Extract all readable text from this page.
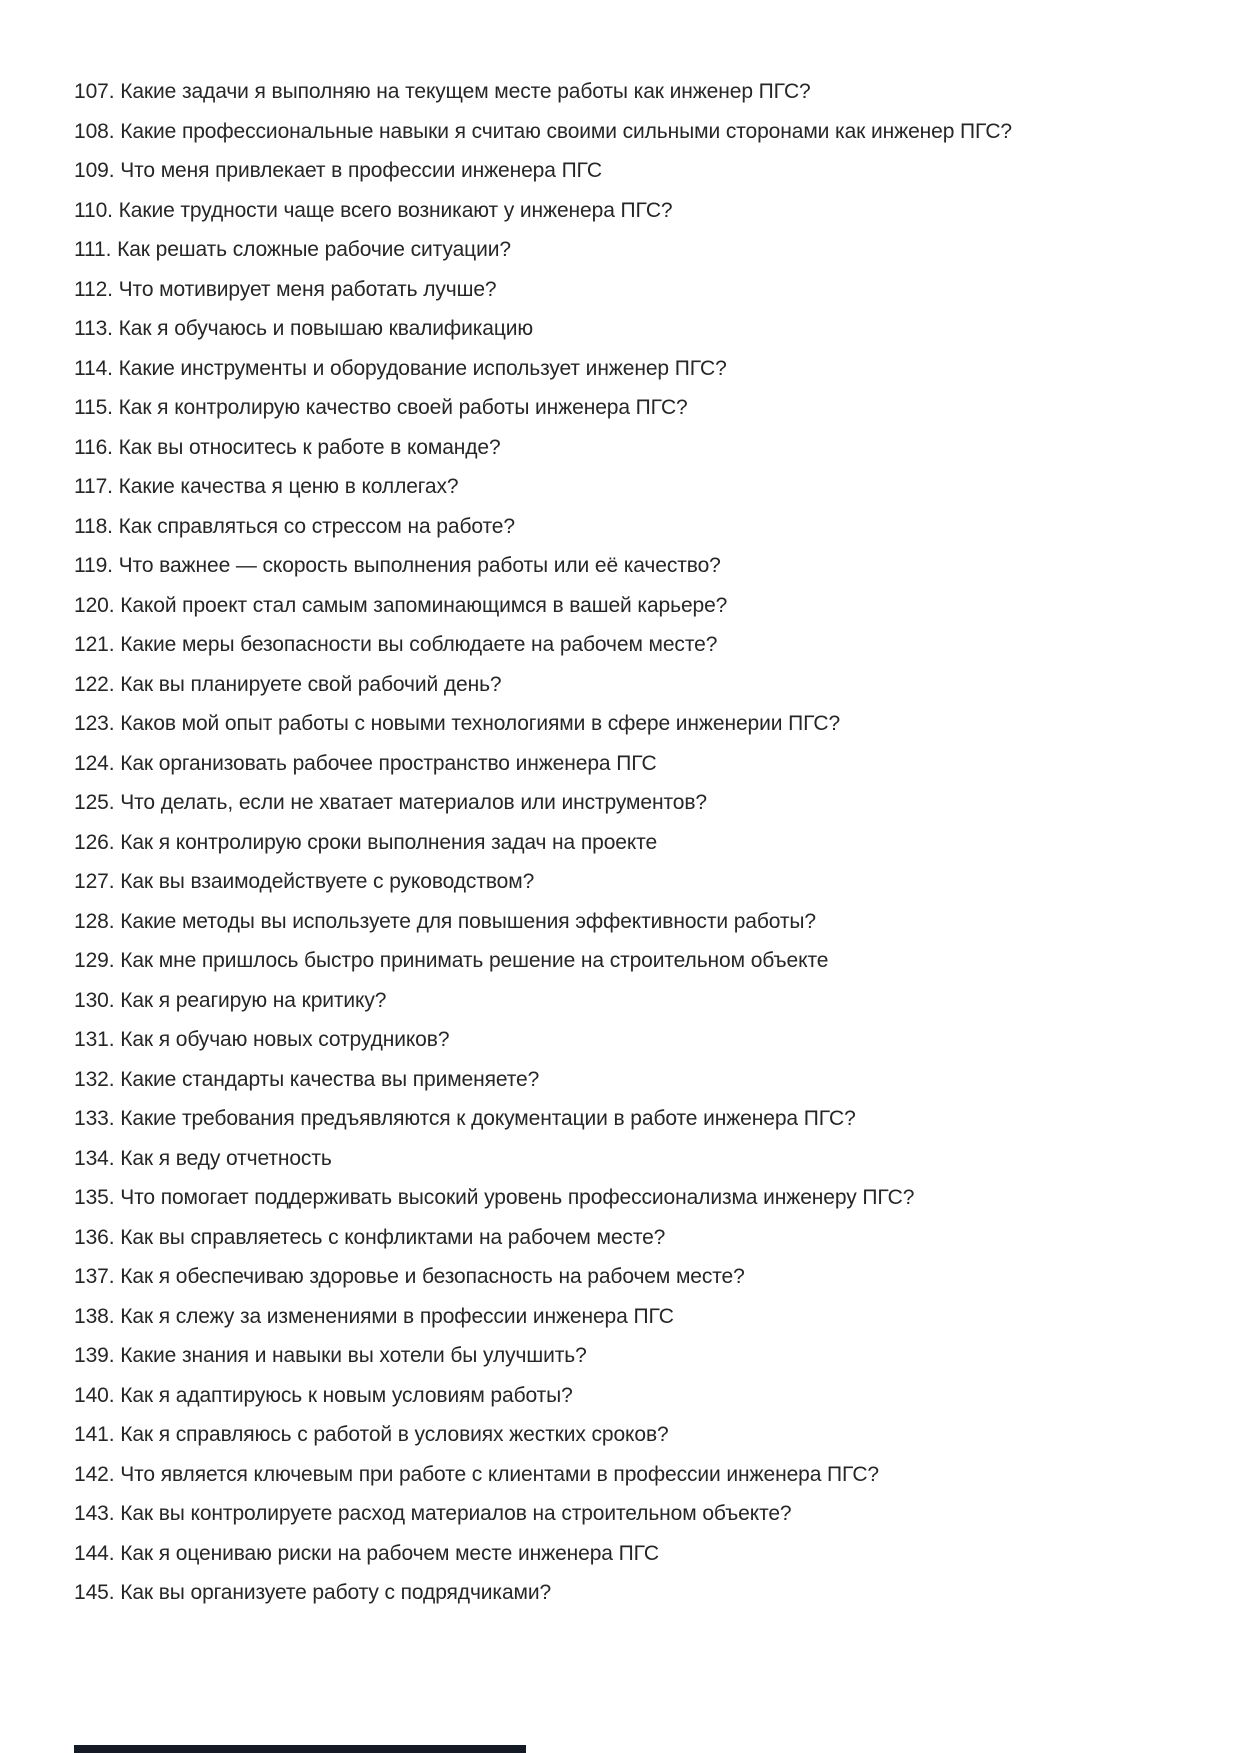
107. Какие задачи я выполняю на текущем месте работы как инженер ПГС?

108. Какие профессиональные навыки я считаю своими сильными сторонами как инженер ПГС?

109. Что меня привлекает в профессии инженера ПГС

110. Какие трудности чаще всего возникают у инженера ПГС?

111. Как решать сложные рабочие ситуации?

112. Что мотивирует меня работать лучше?

113. Как я обучаюсь и повышаю квалификацию

114. Какие инструменты и оборудование использует инженер ПГС?

115. Как я контролирую качество своей работы инженера ПГС?

116. Как вы относитесь к работе в команде?

117. Какие качества я ценю в коллегах?

118. Как справляться со стрессом на работе?

119. Что важнее — скорость выполнения работы или её качество?

120. Какой проект стал самым запоминающимся в вашей карьере?

121. Какие меры безопасности вы соблюдаете на рабочем месте?

122. Как вы планируете свой рабочий день?

123. Каков мой опыт работы с новыми технологиями в сфере инженерии ПГС?

124. Как организовать рабочее пространство инженера ПГС

125. Что делать, если не хватает материалов или инструментов?

126. Как я контролирую сроки выполнения задач на проекте

127. Как вы взаимодействуете с руководством?

128. Какие методы вы используете для повышения эффективности работы?

129. Как мне пришлось быстро принимать решение на строительном объекте

130. Как я реагирую на критику?

131. Как я обучаю новых сотрудников?

132. Какие стандарты качества вы применяете?

133. Какие требования предъявляются к документации в работе инженера ПГС?

134. Как я веду отчетность

135. Что помогает поддерживать высокий уровень профессионализма инженеру ПГС?

136. Как вы справляетесь с конфликтами на рабочем месте?

137. Как я обеспечиваю здоровье и безопасность на рабочем месте?

138. Как я слежу за изменениями в профессии инженера ПГС

139. Какие знания и навыки вы хотели бы улучшить?

140. Как я адаптируюсь к новым условиям работы?

141. Как я справляюсь с работой в условиях жестких сроков?

142. Что является ключевым при работе с клиентами в профессии инженера ПГС?

143. Как вы контролируете расход материалов на строительном объекте?

144. Как я оцениваю риски на рабочем месте инженера ПГС

145. Как вы организуете работу с подрядчиками?
